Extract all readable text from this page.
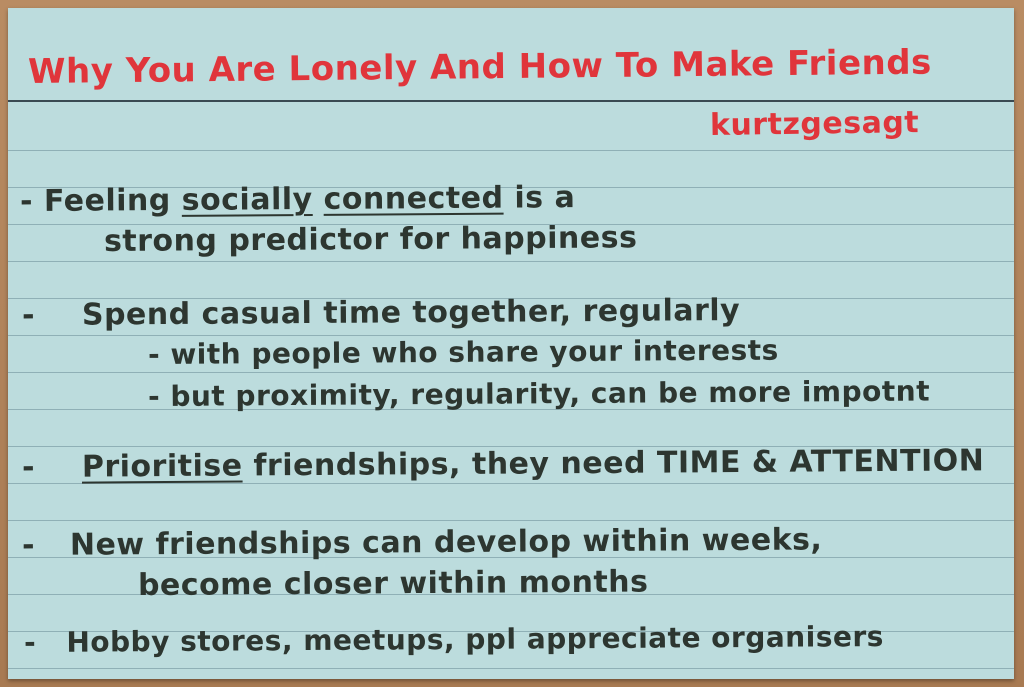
Why You Are Lonely And How To Make Friends
kurtzgesagt
- Feeling socially connected is a
strong predictor for happiness
- Spend casual time together, regularly
- with people who share your interests
- but proximity, regularity, can be more impotnt
- Prioritise friendships, they need TIME & ATTENTION
- New friendships can develop within weeks,
become closer within months
- Hobby stores, meetups, ppl appreciate organisers
